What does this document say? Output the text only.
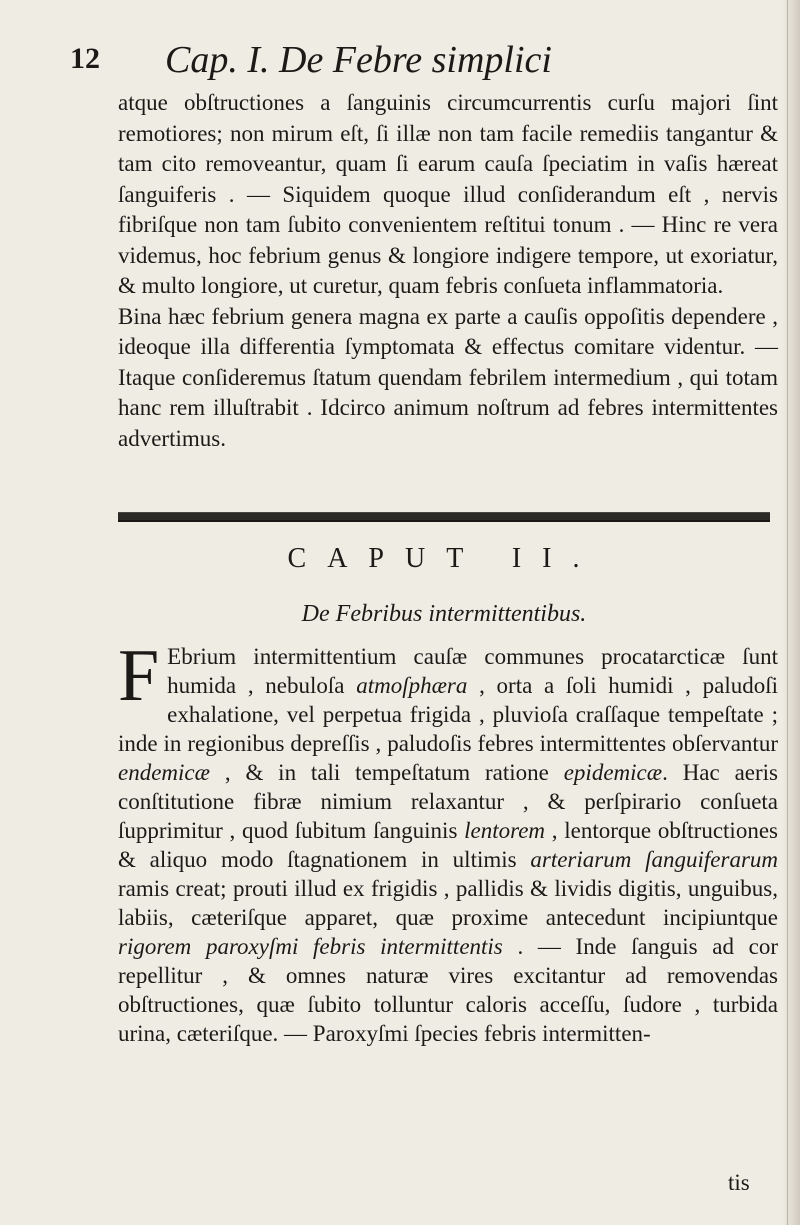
12 Cap. I. De Febre simplici

atque obſtructiones a ſanguinis circumcurrentis curſu majori ſint remotiores; non mirum eſt, ſi illæ non tam facile remediis tangantur & tam cito removeantur, quam ſi earum cauſa ſpeciatim in vaſis hæreat ſanguiferis . — Siquidem quoque illud conſiderandum eſt , nervis fibriſque non tam ſubito convenientem reſtitui tonum . — Hinc re vera videmus, hoc febrium genus & longiore indigere tempore, ut exoriatur, & multo longiore, ut curetur, quam febris conſueta inflammatoria.

Bina hæc febrium genera magna ex parte a cauſis oppoſitis dependere , ideoque illa differentia ſymptomata & effectus comitare videntur. — Itaque conſideremus ſtatum quendam febrilem intermedium , qui totam hanc rem illuſtrabit . Idcirco animum noſtrum ad febres intermittentes advertimus.

CAPUT II.
De Febribus intermittentibus.
F Ebrium intermittentium cauſæ communes procatarcticæ ſunt humida , nebuloſa atmoſphæra , orta a ſoli humidi , paludoſi exhalatione, vel perpetua frigida , pluvioſa craſſaque tempeſtate ; inde in regionibus depreſſis , paludoſis febres intermittentes obſervantur endemicæ , & in tali tempeſtatum ratione epidemicæ. Hac aeris conſtitutione fibræ nimium relaxantur , & perſpirario conſueta ſupprimitur , quod ſubitum ſanguinis lentorem , lentorque obſtructiones & aliquo modo ſtagnationem in ultimis arteriarum ſanguiferarum ramis creat; prouti illud ex frigidis , pallidis & lividis digitis, unguibus, labiis, cæteriſque apparet, quæ proxime antecedunt incipiuntque rigorem paroxyſmi febris intermittentis . — Inde ſanguis ad cor repellitur , & omnes naturæ vires excitantur ad removendas obſtructiones, quæ ſubito tolluntur caloris acceſſu, ſudore , turbida urina, cæteriſque. — Paroxyſmi ſpecies febris intermitten-
tis
